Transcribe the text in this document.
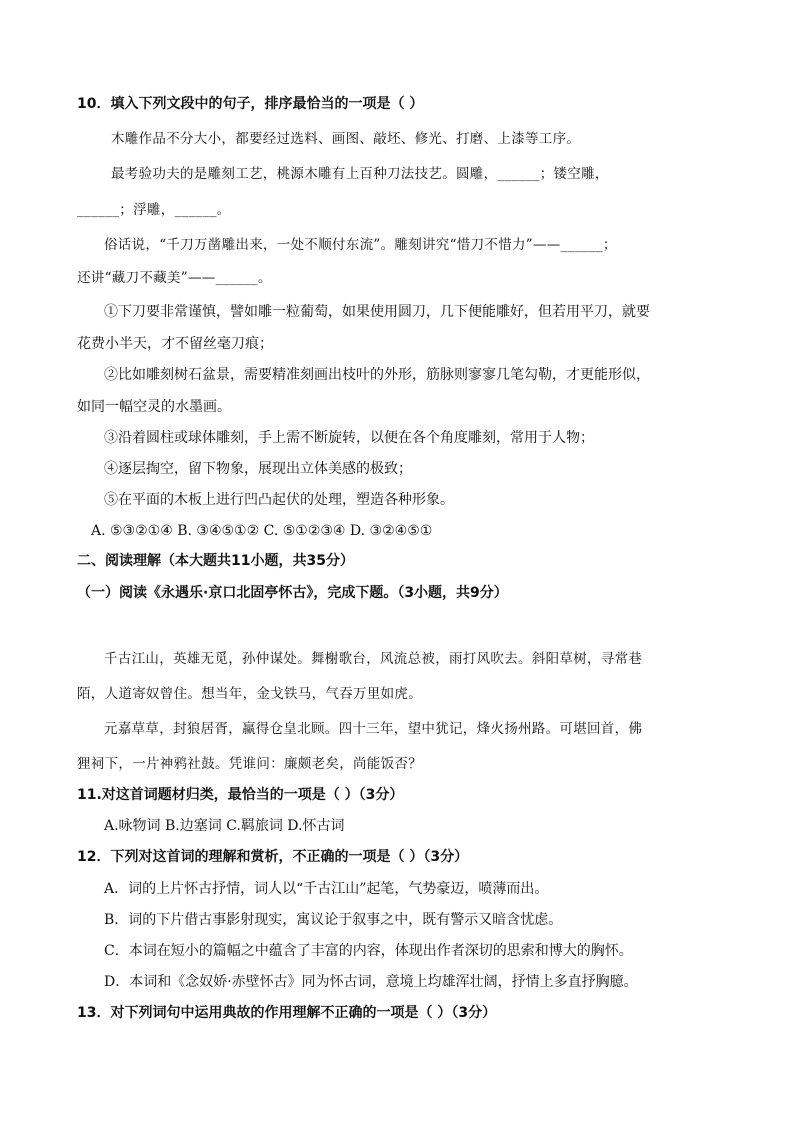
10．填入下列文段中的句子，排序最恰当的一项是（ ）
木雕作品不分大小，都要经过选料、画图、敲坯、修光、打磨、上漆等工序。
最考验功夫的是雕刻工艺，桃源木雕有上百种刀法技艺。圆雕，______；镂空雕，
______；浮雕，______。
俗话说，“千刀万凿雕出来，一处不顺付东流”。雕刻讲究“惜刀不惜力”——______；
还讲“藏刀不藏美”——______。
①下刀要非常谨慎，譬如雕一粒葡萄，如果使用圆刀，几下便能雕好，但若用平刀，就要
花费小半天，才不留丝毫刀痕；
②比如雕刻树石盆景，需要精准刻画出枝叶的外形，筋脉则寥寥几笔勾勒，才更能形似，
如同一幅空灵的水墨画。
③沿着圆柱或球体雕刻，手上需不断旋转，以便在各个角度雕刻，常用于人物；
④逐层掏空，留下物象，展现出立体美感的极致；
⑤在平面的木板上进行凹凸起伏的处理，塑造各种形象。
A. ⑤③②①④ B. ③④⑤①② C. ⑤①②③④ D. ③②④⑤①
二、阅读理解（本大题共11小题，共35分）
（一）阅读《永遇乐·京口北固亭怀古》，完成下题。（3小题，共9分）
千古江山，英雄无觅，孙仲谋处。舞榭歌台，风流总被，雨打风吹去。斜阳草树，寻常巷
陌，人道寄奴曾住。想当年，金戈铁马，气吞万里如虎。
元嘉草草，封狼居胥，赢得仓皇北顾。四十三年，望中犹记，烽火扬州路。可堪回首，佛
狸祠下，一片神鸦社鼓。凭谁问：廉颇老矣，尚能饭否？
11.对这首词题材归类，最恰当的一项是（ ）（3分）
A.咏物词 B.边塞词 C.羁旅词 D.怀古词
12．下列对这首词的理解和赏析，不正确的一项是（ ）（3分）
A．词的上片怀古抒情，词人以“千古江山”起笔，气势豪迈，喷薄而出。
B．词的下片借古事影射现实，寓议论于叙事之中，既有警示又暗含忧虑。
C．本词在短小的篇幅之中蕴含了丰富的内容，体现出作者深切的思索和博大的胸怀。
D．本词和《念奴娇·赤壁怀古》同为怀古词，意境上均雄浑壮阔，抒情上多直抒胸臆。
13．对下列词句中运用典故的作用理解不正确的一项是（ ）（3分）
